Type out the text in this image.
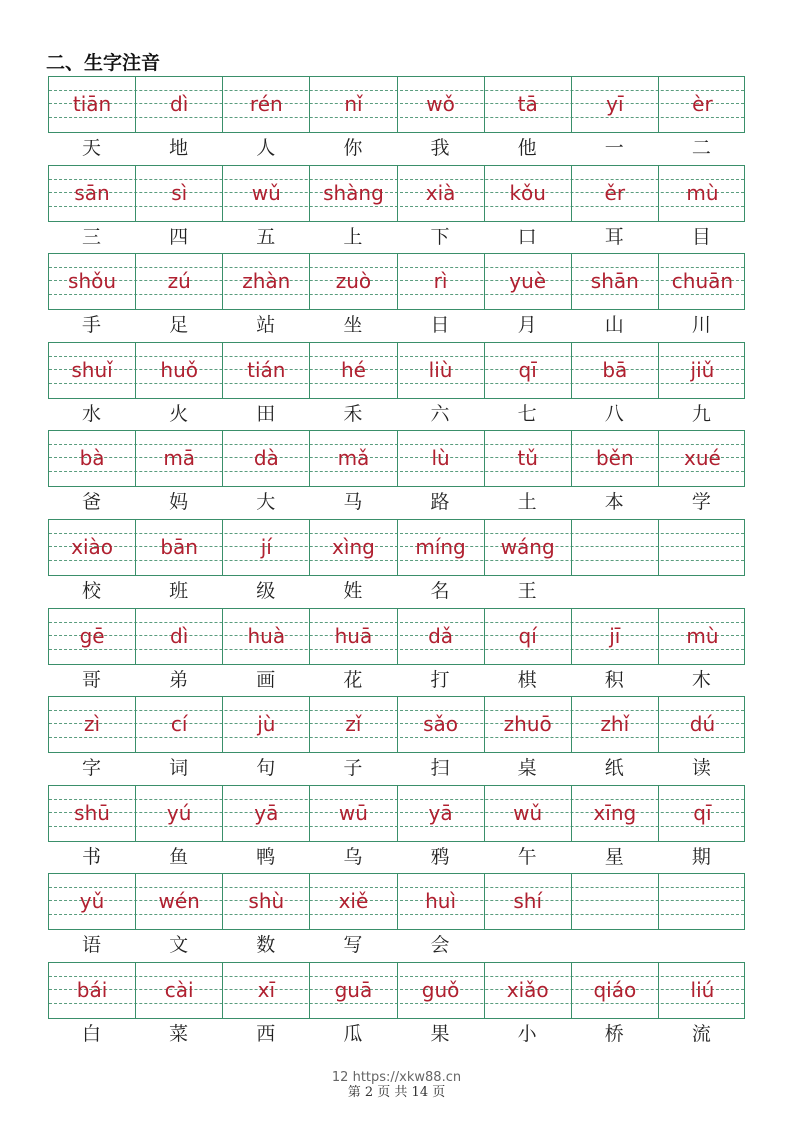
二、生字注音
tiān	dì	rén	nǐ	wǒ	tā	yī	èr
天	地	人	你	我	他	一	二
sān	sì	wǔ	shàng	xià	kǒu	ěr	mù
三	四	五	上	下	口	耳	目
shǒu	zú	zhàn	zuò	rì	yuè	shān	chuān
手	足	站	坐	日	月	山	川
shuǐ	huǒ	tián	hé	liù	qī	bā	jiǔ
水	火	田	禾	六	七	八	九
bà	mā	dà	mǎ	lù	tǔ	běn	xué
爸	妈	大	马	路	土	本	学
xiào	bān	jí	xìng	míng	wáng
校	班	级	姓	名	王
gē	dì	huà	huā	dǎ	qí	jī	mù
哥	弟	画	花	打	棋	积	木
zì	cí	jù	zǐ	sǎo	zhuō	zhǐ	dú
字	词	句	子	扫	桌	纸	读
shū	yú	yā	wū	yā	wǔ	xīng	qī
书	鱼	鸭	乌	鸦	午	星	期
yǔ	wén	shù	xiě	huì	shí
语	文	数	写	会
bái	cài	xī	guā	guǒ	xiǎo	qiáo	liú
白	菜	西	瓜	果	小	桥	流
12 https://xkw88.cn
第 2 页 共 14 页
